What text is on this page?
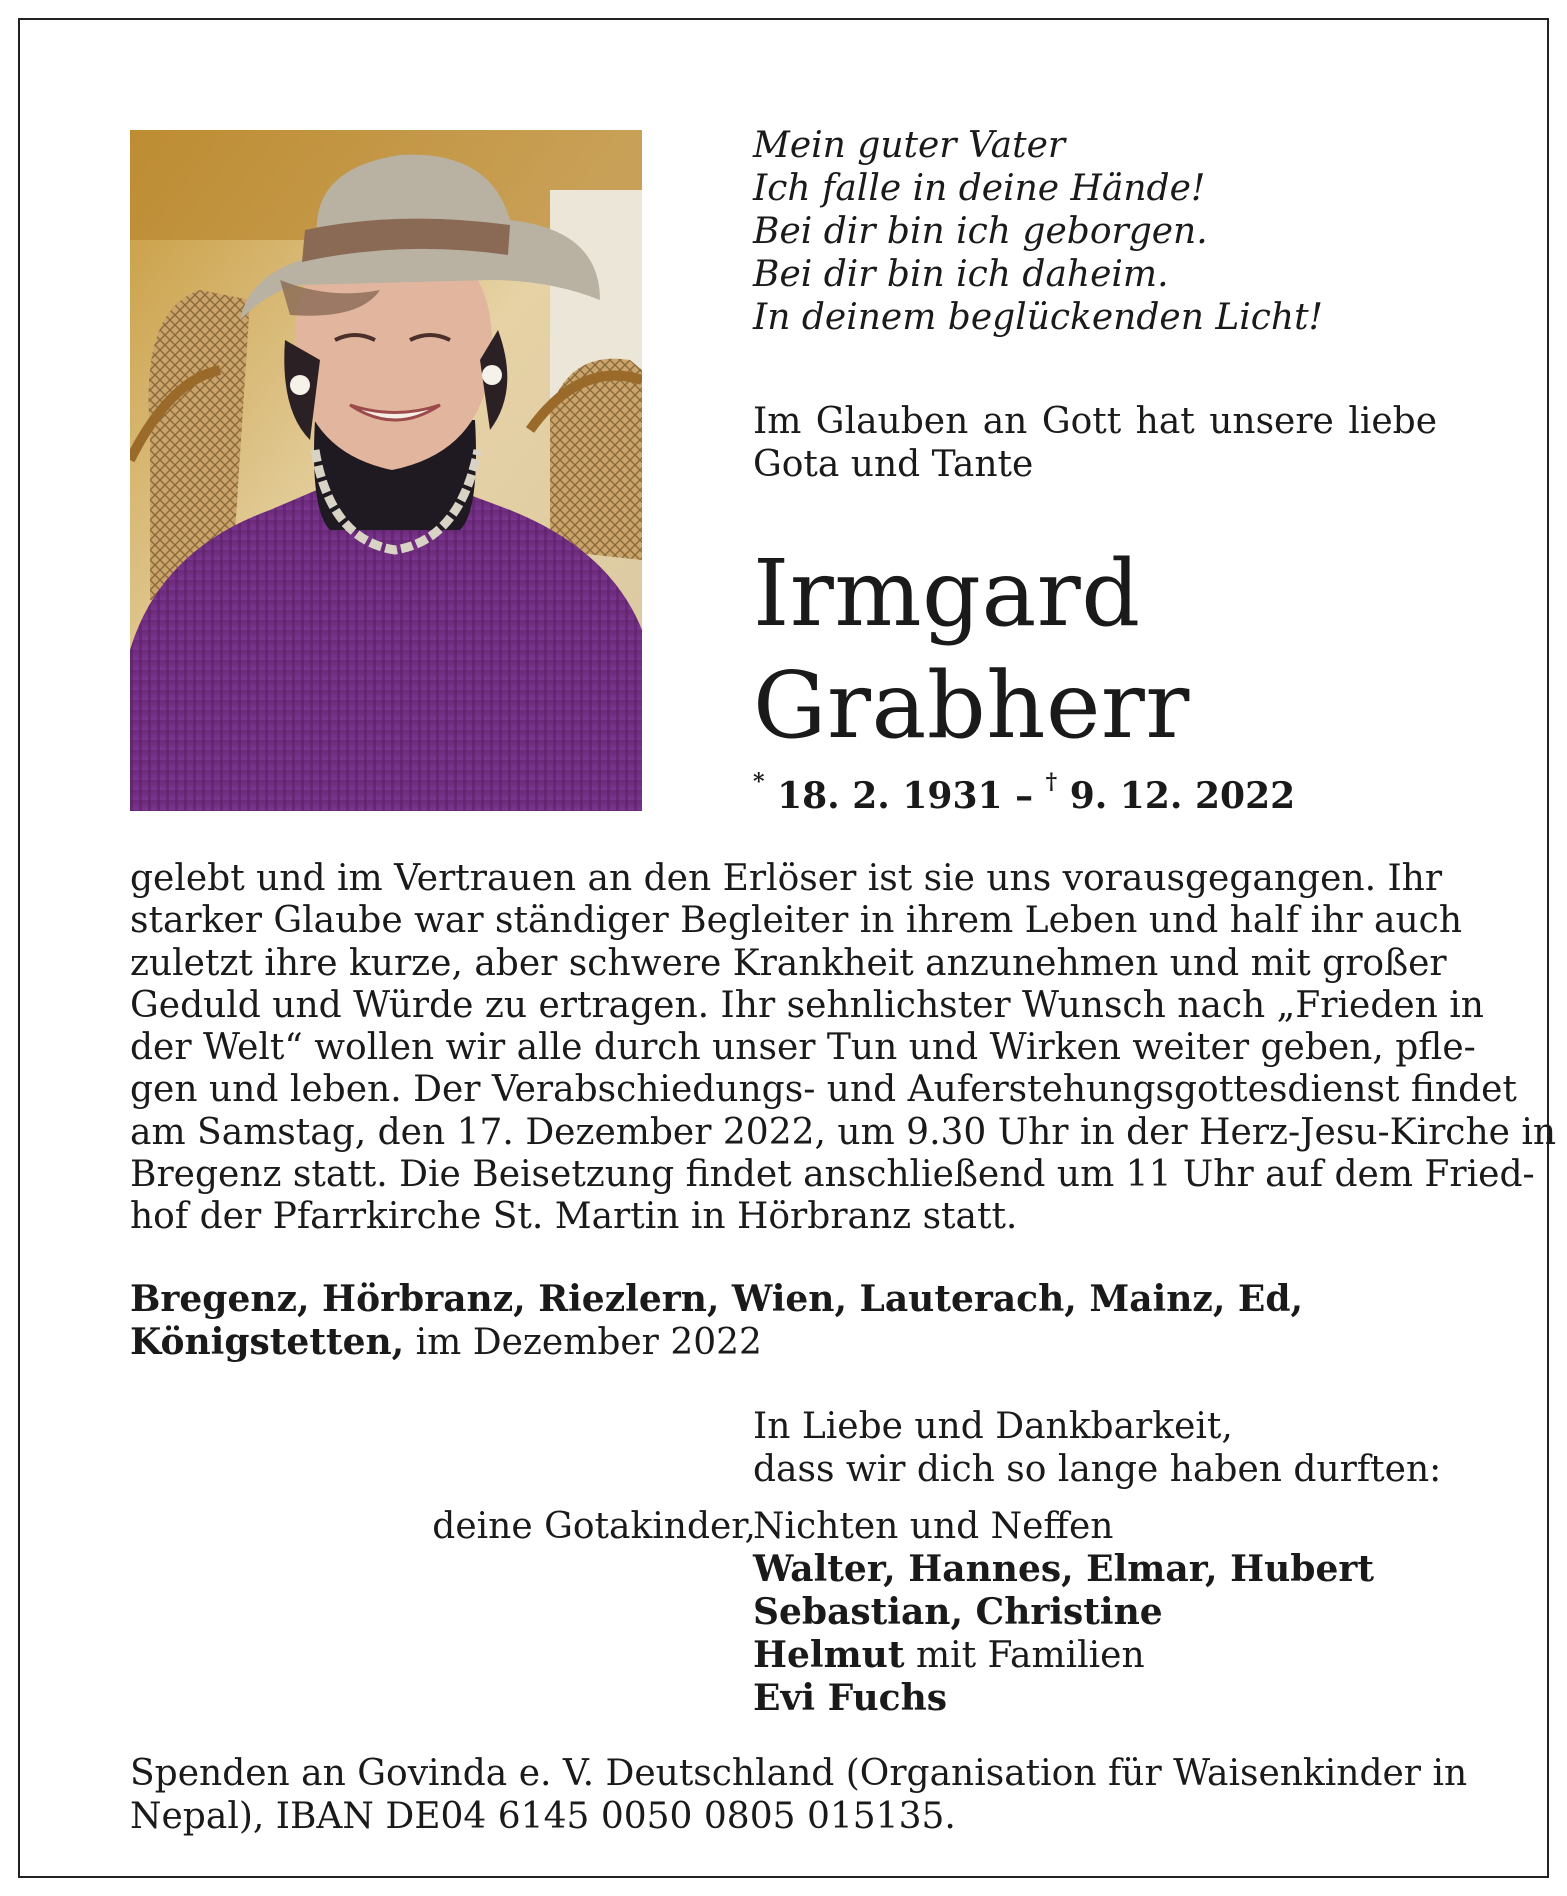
Mein guter Vater
Ich falle in deine Hände!
Bei dir bin ich geborgen.
Bei dir bin ich daheim.
In deinem beglückenden Licht!
Im Glauben an Gott hat unsere liebe
Gota und Tante
Irmgard
Grabherr
* 18. 2. 1931 – † 9. 12. 2022
gelebt und im Vertrauen an den Erlöser ist sie uns vorausgegangen. Ihr
starker Glaube war ständiger Begleiter in ihrem Leben und half ihr auch
zuletzt ihre kurze, aber schwere Krankheit anzunehmen und mit großer
Geduld und Würde zu ertragen. Ihr sehnlichster Wunsch nach „Frieden in
der Welt“ wollen wir alle durch unser Tun und Wirken weiter geben, pfle-
gen und leben. Der Verabschiedungs- und Auferstehungsgottesdienst findet
am Samstag, den 17. Dezember 2022, um 9.30 Uhr in der Herz-Jesu-Kirche in
Bregenz statt. Die Beisetzung findet anschließend um 11 Uhr auf dem Fried-
hof der Pfarrkirche St. Martin in Hörbranz statt.
Bregenz, Hörbranz, Riezlern, Wien, Lauterach, Mainz, Ed,
Königstetten, im Dezember 2022
In Liebe und Dankbarkeit,
dass wir dich so lange haben durften:
deine Gotakinder,
Nichten und Neffen
Walter, Hannes, Elmar, Hubert
Sebastian, Christine
Helmut mit Familien
Evi Fuchs
Spenden an Govinda e. V. Deutschland (Organisation für Waisenkinder in
Nepal), IBAN DE04 6145 0050 0805 015135.
